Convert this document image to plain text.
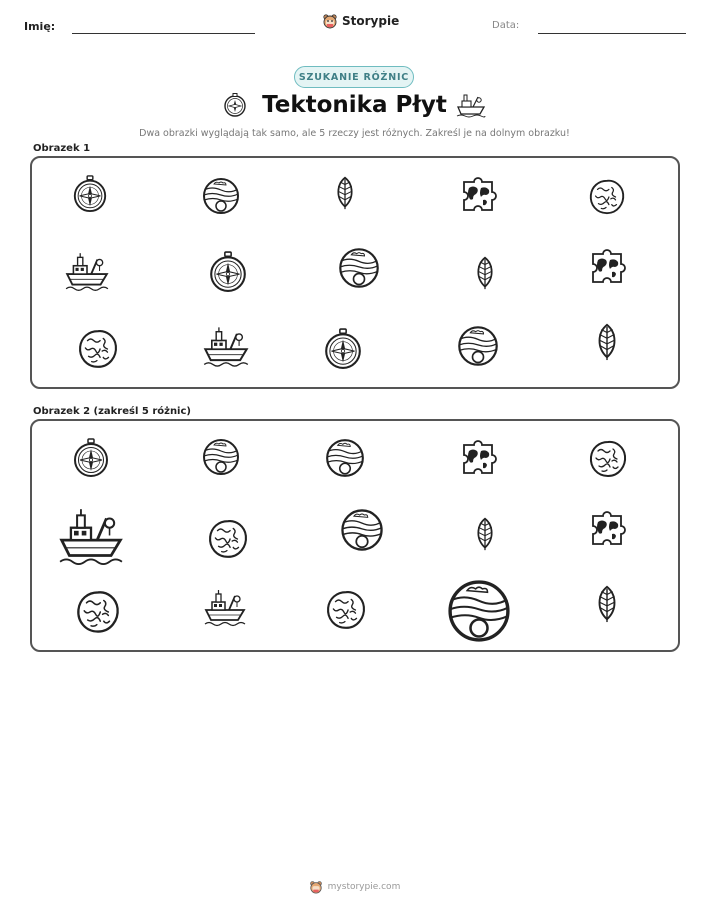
Imię:	Storypie	Data:
SZUKANIE RÓŻNIC
Tektonika Płyt
Dwa obrazki wyglądają tak samo, ale 5 rzeczy jest różnych. Zakreśl je na dolnym obrazku!
Obrazek 1
Obrazek 2 (zakreśl 5 różnic)
mystorypie.com
